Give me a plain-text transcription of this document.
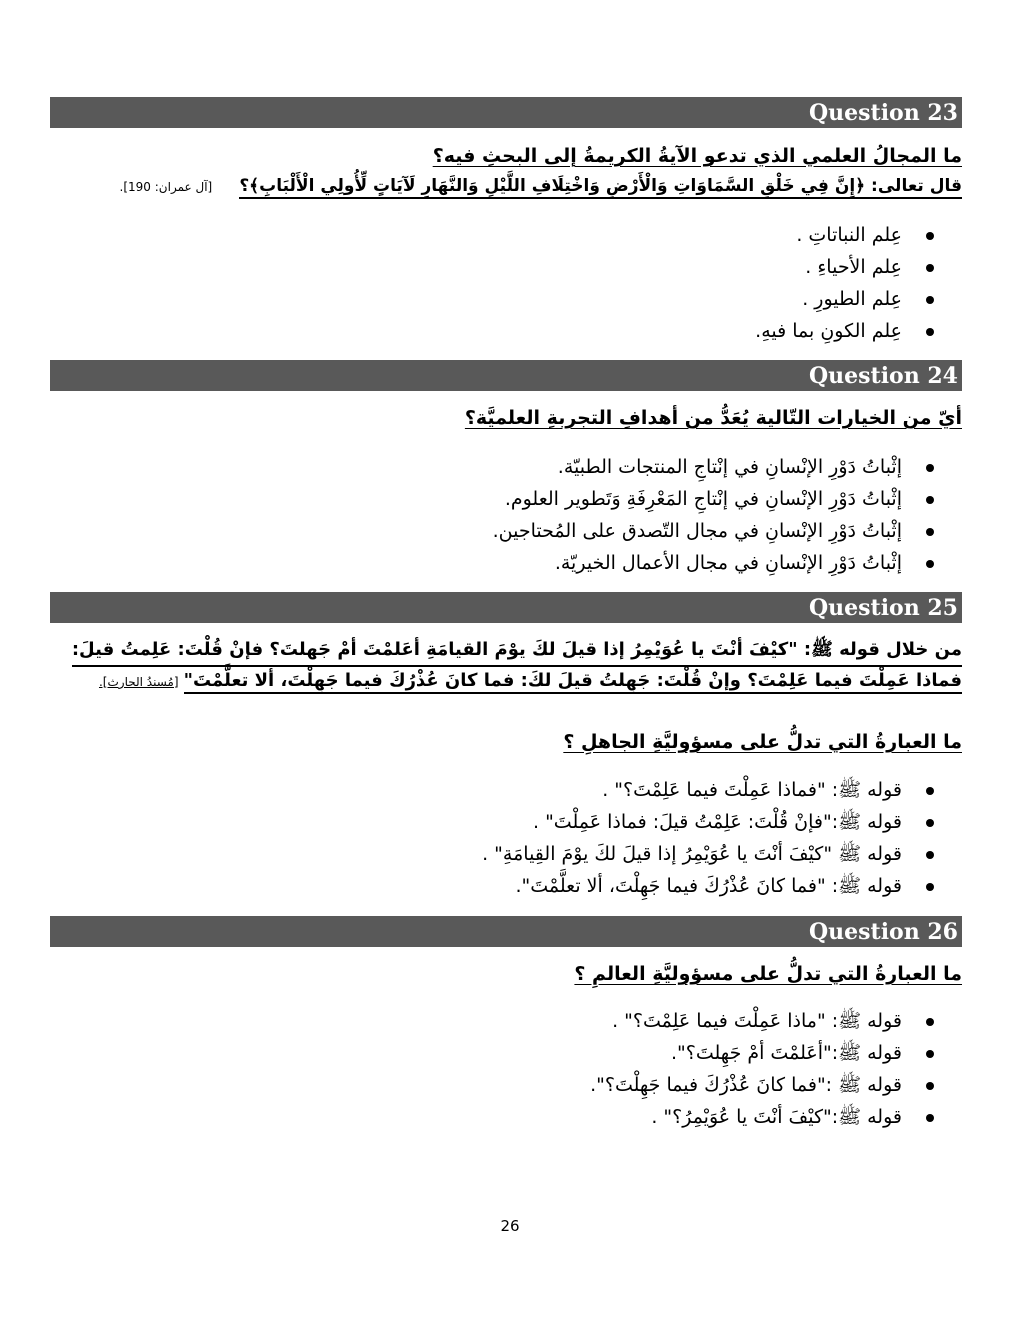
Question 23
ما المجالُ العلمي الذي تدعو الآيةُ الكريمةُ إلى البحثِ فيه؟
قال تعالى: ﴿إِنَّ فِي خَلْقِ السَّمَاوَاتِ وَالْأَرْضِ وَاخْتِلَافِ اللَّيْلِ وَالنَّهَارِ لَآيَاتٍ لِّأُولِي الْأَلْبَابِ﴾؟ [آل عمران: 190].
عِلم النباتاتِ .
عِلم الأحياءِ .
عِلم الطيورِ .
عِلم الكونِ بما فيهِ.
Question 24
أيّ من الخيارات التّالية يُعَدُّ من أهدافِ التجربةِ العلميَّة؟
إثْباتُ دَوْرِ الإنْسانِ في إنْتاجِ المنتجات الطبيّة.
إثْباتُ دَوْرِ الإنْسانِ في إنْتاجِ المَعْرِفَةِ وَتَطوير العلوم.
إثْباتُ دَوْرِ الإنْسانِ في مجال التّصدق على المُحتاجين.
إثْباتُ دَوْرِ الإنْسانِ في مجال الأعمال الخيريّة.
Question 25
من خلال قوله ﷺ: "كيْفَ أنْتَ يا عُوَيْمِرُ إذا قيلَ لكَ يوْمَ القيامَةِ أعَلمْتَ أمْ جَهلتَ؟ فإنْ قُلْتَ: عَلِمتُ قيلَ:
فماذا عَمِلْتَ فيما عَلِمْتَ؟ وإنْ قُلْتَ: جَهِلتُ قيلَ لكَ: فما كانَ عُذْرُكَ فيما جَهِلْتَ، ألا تعلَّمْتَ" [مُسندُ الحارث].
ما العبارةُ التي تدلُّ على مسؤوليَّةِ الجاهلِ ؟
قوله ﷺ: "فماذا عَمِلْتَ فيما عَلِمْتَ؟" .
قوله ﷺ:"فإنْ قُلْتَ: عَلِمْتُ قيلَ: فماذا عَمِلْتَ" .
قوله ﷺ "كيْفَ أنْتَ يا عُوَيْمِرُ إذا قيلَ لكَ يوْمَ القِيامَةِ" .
قوله ﷺ: "فما كانَ عُذْرُكَ فيما جَهِلْتَ، ألا تعلَّمْتَ".
Question 26
ما العبارةُ التي تدلُّ على مسؤوليَّةِ العالمِ ؟
قوله ﷺ: "ماذا عَمِلْتَ فيما عَلِمْتَ؟" .
قوله ﷺ:"أعَلمْتَ أمْ جَهِلتَ؟".
قوله ﷺ :"فما كانَ عُذْرُكَ فيما جَهِلْتَ؟".
قوله ﷺ:"كيْفَ أنْتَ يا عُوَيْمِرُ؟" .
26
